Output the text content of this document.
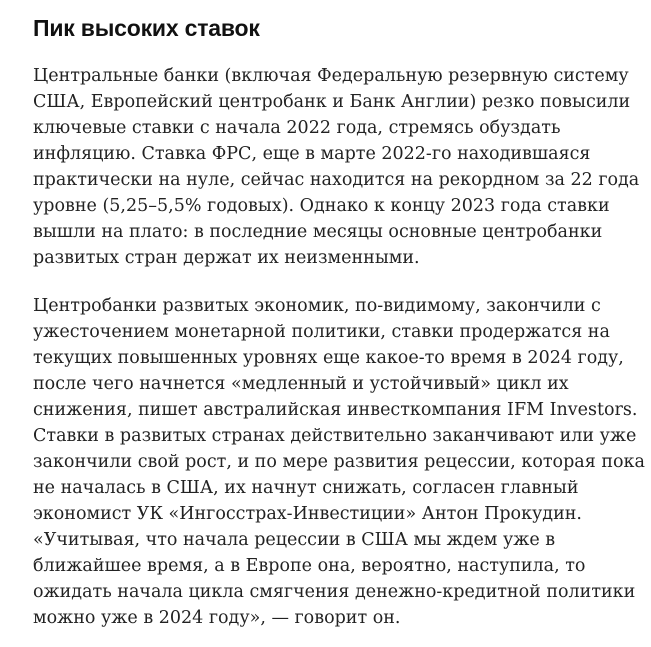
Пик высоких ставок

Центральные банки (включая Федеральную резервную систему
США, Европейский центробанк и Банк Англии) резко повысили
ключевые ставки с начала 2022 года, стремясь обуздать
инфляцию. Ставка ФРС, еще в марте 2022-го находившаяся
практически на нуле, сейчас находится на рекордном за 22 года
уровне (5,25–5,5% годовых). Однако к концу 2023 года ставки
вышли на плато: в последние месяцы основные центробанки
развитых стран держат их неизменными.

Центробанки развитых экономик, по-видимому, закончили с
ужесточением монетарной политики, ставки продержатся на
текущих повышенных уровнях еще какое-то время в 2024 году,
после чего начнется «медленный и устойчивый» цикл их
снижения, пишет австралийская инвесткомпания IFM Investors.
Ставки в развитых странах действительно заканчивают или уже
закончили свой рост, и по мере развития рецессии, которая пока
не началась в США, их начнут снижать, согласен главный
экономист УК «Ингосстрах-Инвестиции» Антон Прокудин.
«Учитывая, что начала рецессии в США мы ждем уже в
ближайшее время, а в Европе она, вероятно, наступила, то
ожидать начала цикла смягчения денежно-кредитной политики
можно уже в 2024 году», — говорит он.
